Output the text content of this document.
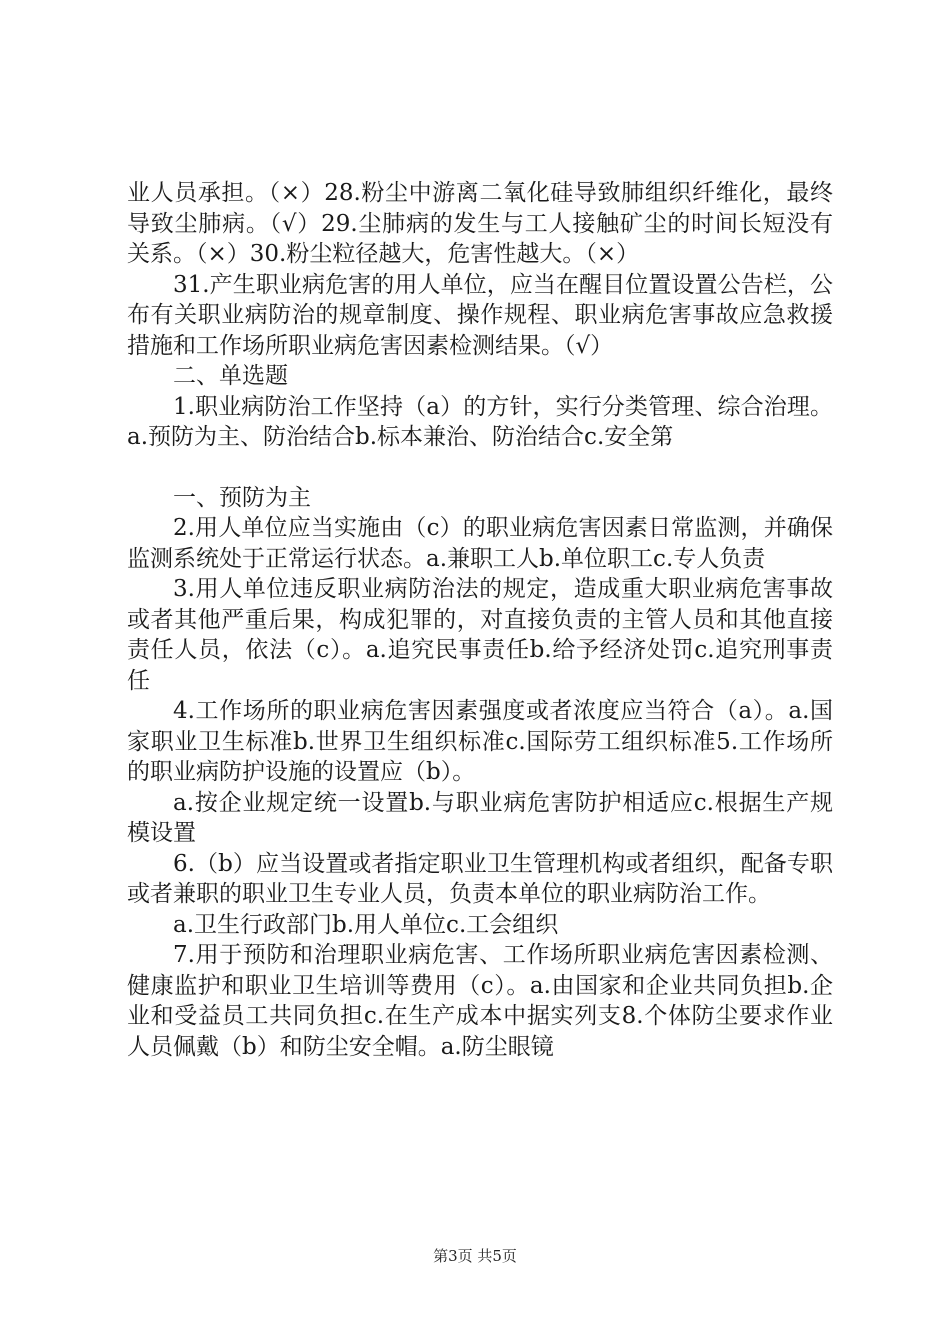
业人员承担。（×）28.粉尘中游离二氧化硅导致肺组织纤维化，最终导致尘肺病。（√）29.尘肺病的发生与工人接触矿尘的时间长短没有关系。（×）30.粉尘粒径越大，危害性越大。（×）

31.产生职业病危害的用人单位，应当在醒目位置设置公告栏，公布有关职业病防治的规章制度、操作规程、职业病危害事故应急救援措施和工作场所职业病危害因素检测结果。（√）

二、单选题

1.职业病防治工作坚持（a）的方针，实行分类管理、综合治理。a.预防为主、防治结合b.标本兼治、防治结合c.安全第

一、预防为主

2.用人单位应当实施由（c）的职业病危害因素日常监测，并确保监测系统处于正常运行状态。a.兼职工人b.单位职工c.专人负责

3.用人单位违反职业病防治法的规定，造成重大职业病危害事故或者其他严重后果，构成犯罪的，对直接负责的主管人员和其他直接责任人员，依法（c）。a.追究民事责任b.给予经济处罚c.追究刑事责任

4.工作场所的职业病危害因素强度或者浓度应当符合（a）。a.国家职业卫生标准b.世界卫生组织标准c.国际劳工组织标准5.工作场所的职业病防护设施的设置应（b）。

a.按企业规定统一设置b.与职业病危害防护相适应c.根据生产规模设置

6.（b）应当设置或者指定职业卫生管理机构或者组织，配备专职或者兼职的职业卫生专业人员，负责本单位的职业病防治工作。

a.卫生行政部门b.用人单位c.工会组织

7.用于预防和治理职业病危害、工作场所职业病危害因素检测、健康监护和职业卫生培训等费用（c）。a.由国家和企业共同负担b.企业和受益员工共同负担c.在生产成本中据实列支8.个体防尘要求作业人员佩戴（b）和防尘安全帽。a.防尘眼镜

第3页 共5页
